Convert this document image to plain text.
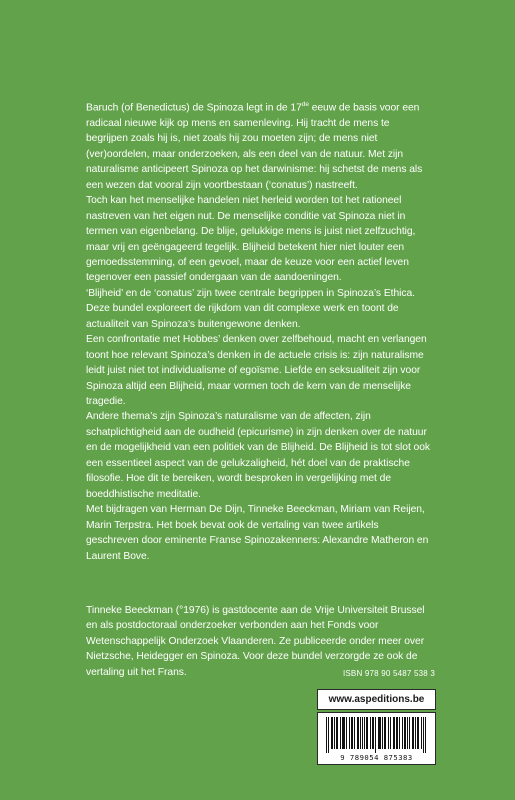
Baruch (of Benedictus) de Spinoza legt in de 17de eeuw de basis voor een radicaal nieuwe kijk op mens en samenleving. Hij tracht de mens te begrijpen zoals hij is, niet zoals hij zou moeten zijn; de mens niet (ver)oordelen, maar onderzoeken, als een deel van de natuur. Met zijn naturalisme anticipeert Spinoza op het darwinisme: hij schetst de mens als een wezen dat vooral zijn voortbestaan (‘conatus’) nastreeft.

Toch kan het menselijke handelen niet herleid worden tot het rationeel nastreven van het eigen nut. De menselijke conditie vat Spinoza niet in termen van eigenbelang. De blije, gelukkige mens is juist niet zelfzuchtig, maar vrij en geëngageerd tegelijk. Blijheid betekent hier niet louter een gemoedsstemming, of een gevoel, maar de keuze voor een actief leven tegenover een passief ondergaan van de aandoeningen.

‘Blijheid’ en de ‘conatus’ zijn twee centrale begrippen in Spinoza’s Ethica. Deze bundel exploreert de rijkdom van dit complexe werk en toont de actualiteit van Spinoza’s buitengewone denken.

Een confrontatie met Hobbes’ denken over zelfbehoud, macht en verlangen toont hoe relevant Spinoza’s denken in de actuele crisis is: zijn naturalisme leidt juist niet tot individualisme of egoïsme. Liefde en seksualiteit zijn voor Spinoza altijd een Blijheid, maar vormen toch de kern van de menselijke tragedie.

Andere thema’s zijn Spinoza’s naturalisme van de affecten, zijn schatplichtigheid aan de oudheid (epicurisme) in zijn denken over de natuur en de mogelijkheid van een politiek van de Blijheid. De Blijheid is tot slot ook een essentieel aspect van de gelukzaligheid, hét doel van de praktische filosofie. Hoe dit te bereiken, wordt besproken in vergelijking met de boeddhistische meditatie.

Met bijdragen van Herman De Dijn, Tinneke Beeckman, Miriam van Reijen, Marin Terpstra. Het boek bevat ook de vertaling van twee artikels geschreven door eminente Franse Spinozakenners: Alexandre Matheron en Laurent Bove.

Tinneke Beeckman (°1976) is gastdocente aan de Vrije Universiteit Brussel en als postdoctoraal onderzoeker verbonden aan het Fonds voor Wetenschappelijk Onderzoek Vlaanderen. Ze publiceerde onder meer over Nietzsche, Heidegger en Spinoza. Voor deze bundel verzorgde ze ook de vertaling uit het Frans.	ISBN 978 90 5487 538 3
www.aspeditions.be
9 789054 875383
